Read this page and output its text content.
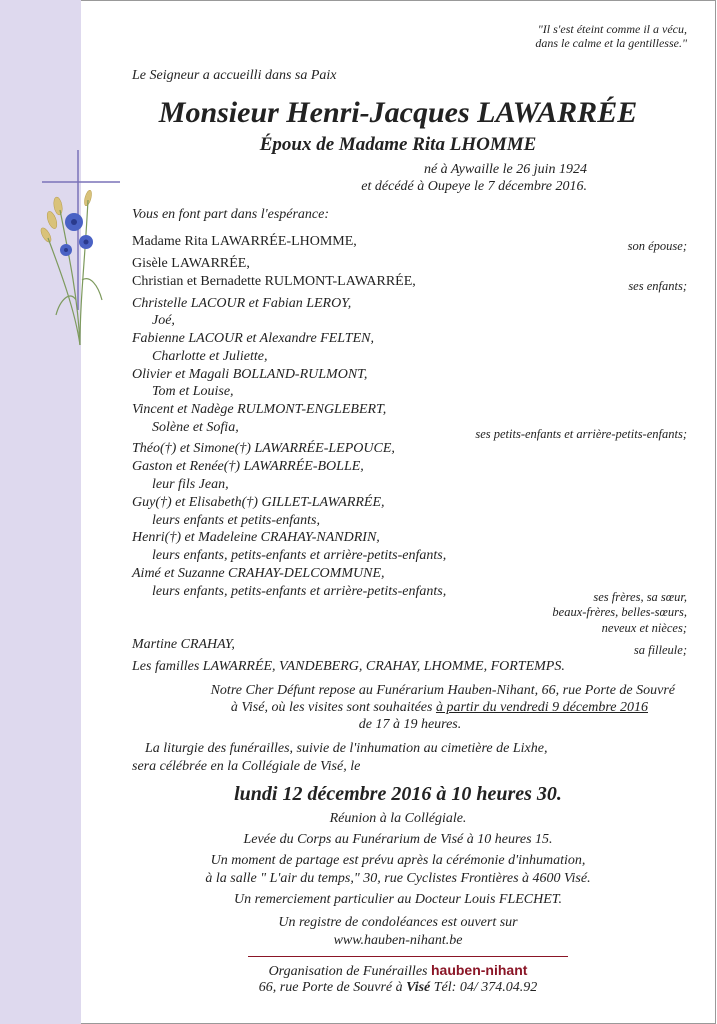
"Il s'est éteint comme il a vécu,
dans le calme et la gentillesse."
Le Seigneur a accueilli dans sa Paix
Monsieur Henri-Jacques LAWARRÉE
Époux de Madame Rita LHOMME
né à Aywaille le 26 juin 1924
et décédé à Oupeye le 7 décembre 2016.
Vous en font part dans l'espérance:
Madame Rita LAWARRÉE-LHOMME,
Gisèle LAWARRÉE,
Christian et Bernadette RULMONT-LAWARRÉE,
Christelle LACOUR et Fabian LEROY,
Joé,
Fabienne LACOUR et Alexandre FELTEN,
Charlotte et Juliette,
Olivier et Magali BOLLAND-RULMONT,
Tom et Louise,
Vincent et Nadège RULMONT-ENGLEBERT,
Solène et Sofia,
Théo(†) et Simone(†) LAWARRÉE-LEPOUCE,
Gaston et Renée(†) LAWARRÉE-BOLLE,
leur fils Jean,
Guy(†) et Elisabeth(†) GILLET-LAWARRÉE,
leurs enfants et petits-enfants,
Henri(†) et Madeleine CRAHAY-NANDRIN,
leurs enfants, petits-enfants et arrière-petits-enfants,
Aimé et Suzanne CRAHAY-DELCOMMUNE,
leurs enfants, petits-enfants et arrière-petits-enfants,
Martine CRAHAY,
Les familles LAWARRÉE, VANDEBERG, CRAHAY, LHOMME, FORTEMPS.
son épouse;
ses enfants;
ses petits-enfants et arrière-petits-enfants;
ses frères, sa sœur,
beaux-frères, belles-sœurs,
neveux et nièces;
sa filleule;
Notre Cher Défunt repose au Funérarium Hauben-Nihant, 66, rue Porte de Souvré
à Visé, où les visites sont souhaitées à partir du vendredi 9 décembre 2016
de 17 à 19 heures.
La liturgie des funérailles, suivie de l'inhumation au cimetière de Lixhe,
sera célébrée en la Collégiale de Visé, le
lundi 12 décembre 2016 à 10 heures 30.
Réunion à la Collégiale.
Levée du Corps au Funérarium de Visé à 10 heures 15.
Un moment de partage est prévu après la cérémonie d'inhumation,
à la salle " L'air du temps," 30, rue Cyclistes Frontières à 4600 Visé.
Un remerciement particulier au Docteur Louis FLECHET.
Un registre de condoléances est ouvert sur
www.hauben-nihant.be
Organisation de Funérailles hauben-nihant
66, rue Porte de Souvré à Visé Tél: 04/ 374.04.92
